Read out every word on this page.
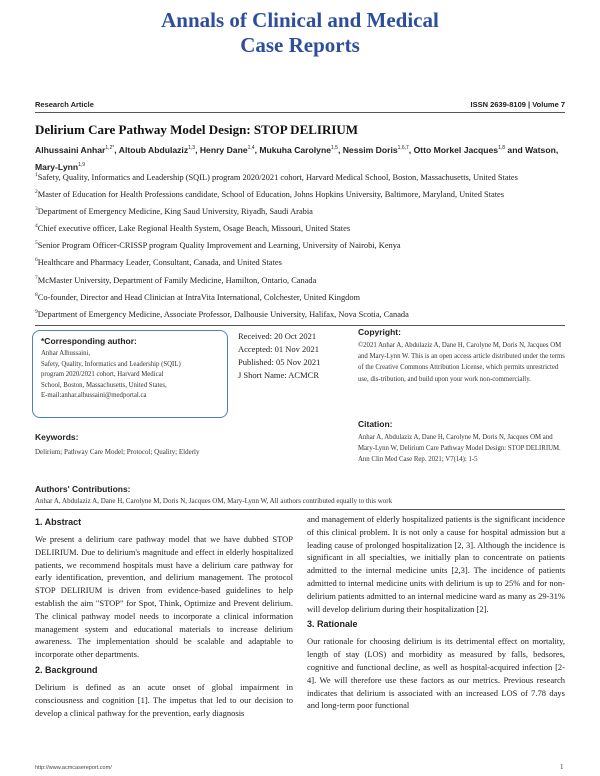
Annals of Clinical and Medical
Case Reports
Research Article	ISSN 2639-8109 | Volume 7
Delirium Care Pathway Model Design: STOP DELIRIUM
Alhussaini Anhar$^{1,2*}$, Altoub Abdulaziz$^{1,3}$, Henry Dane$^{1,4}$, Mukuha Carolyne$^{1,5}$, Nessim Doris$^{1,6,7}$, Otto Morkel Jacques$^{1,8}$ and Watson, Mary-Lynn$^{1,9}$
$^1$Safety, Quality, Informatics and Leadership (SQIL) program 2020/2021 cohort, Harvard Medical School, Boston, Massachusetts, United States
$^2$Master of Education for Health Professions candidate, School of Education, Johns Hopkins University, Baltimore, Maryland, United States
$^3$Department of Emergency Medicine, King Saud University, Riyadh, Saudi Arabia
$^4$Chief executive officer, Lake Regional Health System, Osage Beach, Missouri, United States
$^5$Senior Program Officer-CRISSP program Quality Improvement and Learning, University of Nairobi, Kenya
$^6$Healthcare and Pharmacy Leader, Consultant, Canada, and United States
$^7$McMaster University, Department of Family Medicine, Hamilton, Ontario, Canada
$^8$Co-founder, Director and Head Clinician at IntraVita International, Colchester, United Kingdom
$^9$Department of Emergency Medicine, Associate Professor, Dalhousie University, Halifax, Nova Scotia, Canada
*Corresponding author:
Anhar Alhussaini,
Safety, Quality, Informatics and Leadership (SQIL)
program 2020/2021 cohort, Harvard Medical
School, Boston, Massachusetts, United States,
E-mail:anhar.alhussaini@medportal.ca
Received: 20 Oct 2021
Accepted: 01 Nov 2021
Published: 05 Nov 2021
J Short Name: ACMCR
Copyright:
©2021 Anhar A, Abdulaziz A, Dane H, Carolyne M, Doris N, Jacques OM and Mary-Lynn W. This is an open access article distributed under the terms of the Creative Commons Attribution License, which permits unrestricted use, dis-tribution, and build upon your work non-commercially.
Citation:
Anhar A, Abdulaziz A, Dane H, Carolyne M, Doris N, Jacques OM and Mary-Lynn W, Delirium Care Pathway Model Design: STOP DELIRIUM. Ann Clin Med Case Rep. 2021; V7(14): 1-5
Keywords:
Delirium; Pathway Care Model; Protocol; Quality; Elderly
Authors' Contributions:
Anhar A, Abdulaziz A, Dane H, Carolyne M, Doris N, Jacques OM, Mary-Lynn W, All authors contributed equally to this work
1. Abstract

We present a delirium care pathway model that we have dubbed STOP DELIRIUM. Due to delirium's magnitude and effect in elderly hospitalized patients, we recommend hospitals must have a delirium care pathway for early identification, prevention, and delirium management. The protocol STOP DELIRIUM is driven from evidence-based guidelines to help establish the aim "STOP" for Spot, Think, Optimize and Prevent delirium. The clinical pathway model needs to incorporate a clinical information management system and educational materials to increase delirium awareness. The implementation should be scalable and adaptable to incorporate other departments.

2. Background

Delirium is defined as an acute onset of global impairment in consciousness and cognition [1]. The impetus that led to our decision to develop a clinical pathway for the prevention, early diagnosis

and management of elderly hospitalized patients is the significant incidence of this clinical problem. It is not only a cause for hospital admission but a leading cause of prolonged hospitalization [2, 3]. Although the incidence is significant in all specialties, we initially plan to concentrate on patients admitted to the internal medicine units [2,3]. The incidence of patients admitted to internal medicine units with delirium is up to 25% and for non-delirium patients admitted to an internal medicine ward as many as 29-31% will develop delirium during their hospitalization [2].

3. Rationale

Our rationale for choosing delirium is its detrimental effect on mortality, length of stay (LOS) and morbidity as measured by falls, bedsores, cognitive and functional decline, as well as hospital-acquired infection [2-4]. We will therefore use these factors as our metrics. Previous research indicates that delirium is associated with an increased LOS of 7.78 days and long-term poor functional

http://www.acmcasereport.com/	1
